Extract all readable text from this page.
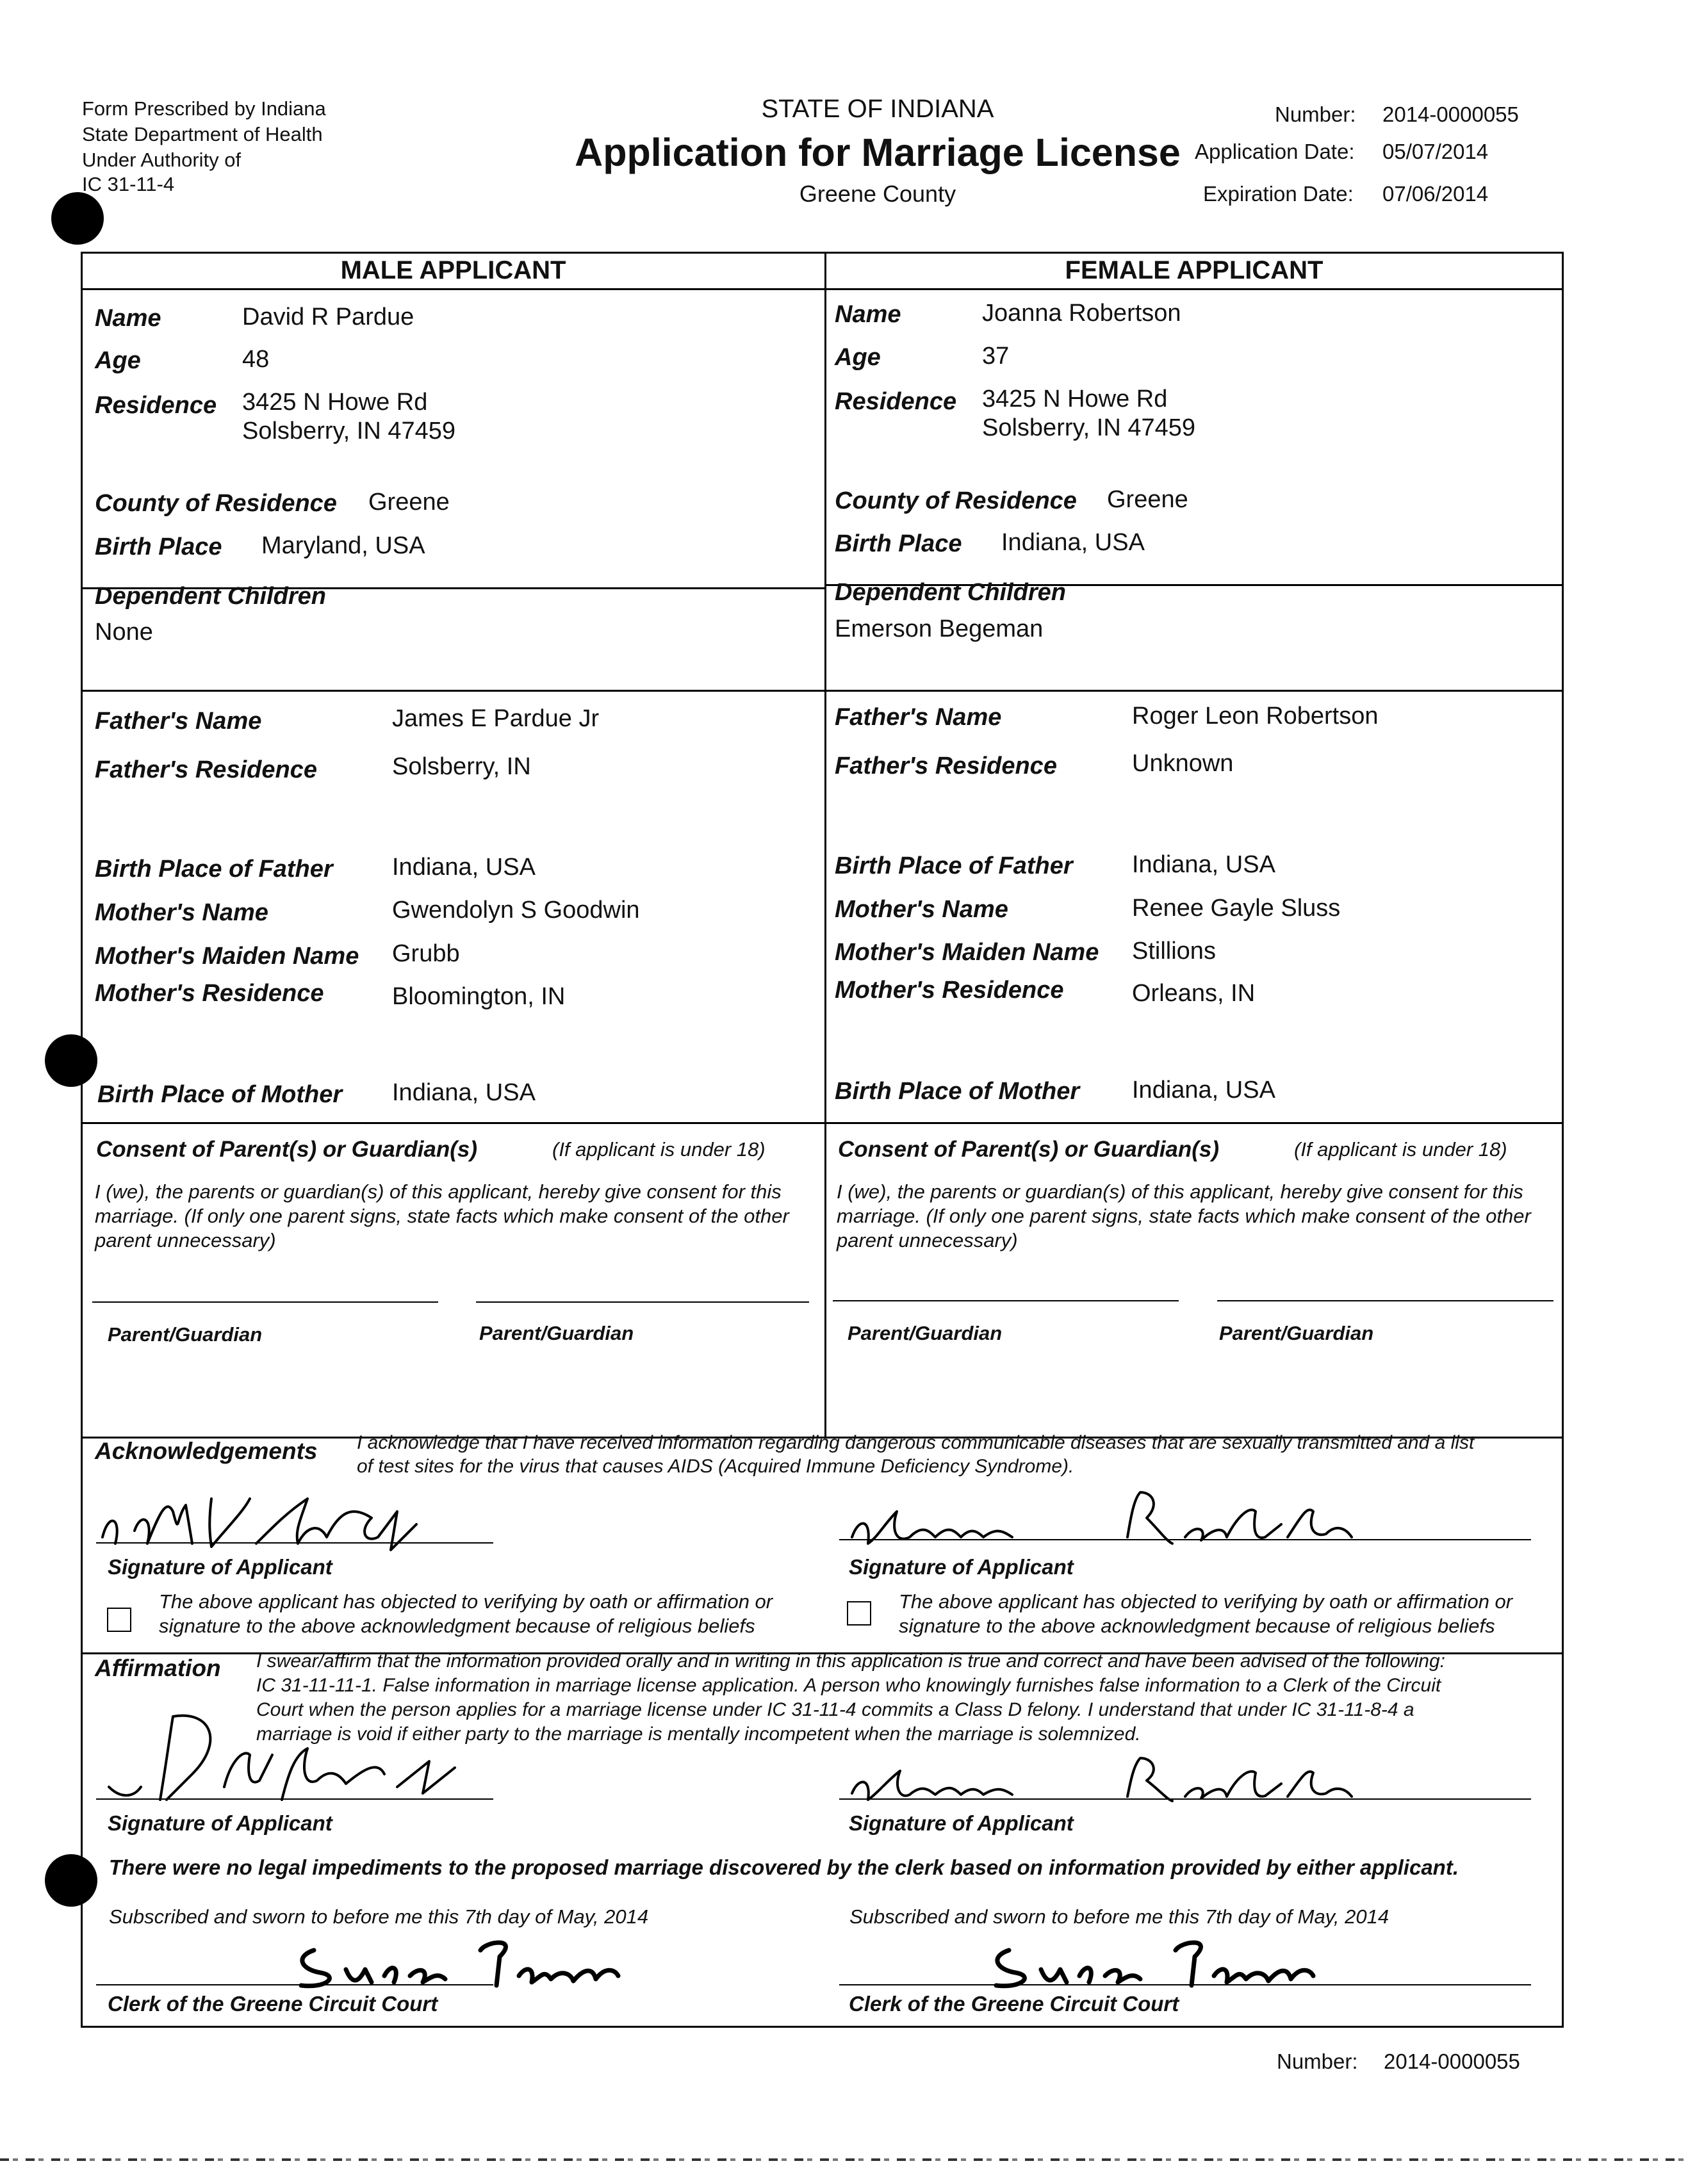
Form Prescribed by Indiana
State Department of Health
Under Authority of
IC 31-11-4
STATE OF INDIANA
Application for Marriage License
Greene County
Number: 2014-0000055
Application Date: 05/07/2014
Expiration Date: 07/06/2014
MALE APPLICANT	FEMALE APPLICANT
Name	David R Pardue
Age	48
Residence 3425 N Howe Rd
Solsberry, IN 47459
County of Residence Greene
Birth Place Maryland, USA
Dependent Children
None
Father's Name	James E Pardue Jr
Father's Residence	Solsberry, IN
Birth Place of Father Indiana, USA
Mother's Name	Gwendolyn S Goodwin
Mother's Maiden Name Grubb
Mother's Residence	Bloomington, IN
Birth Place of Mother Indiana, USA
Name	Joanna Robertson
Age	37
Residence 3425 N Howe Rd
Solsberry, IN 47459
County of Residence Greene
Birth Place Indiana, USA
Dependent Children
Emerson Begeman
Father's Name	Roger Leon Robertson
Father's Residence	Unknown
Birth Place of Father Indiana, USA
Mother's Name	Renee Gayle Sluss
Mother's Maiden Name Stillions
Mother's Residence	Orleans, IN
Birth Place of Mother Indiana, USA
Consent of Parent(s) or Guardian(s)	(If applicant is under 18)
I (we), the parents or guardian(s) of this applicant, hereby give consent for this marriage. (If only one parent signs, state facts which make consent of the other parent unnecessary)
Parent/Guardian	Parent/Guardian
Consent of Parent(s) or Guardian(s)	(If applicant is under 18)
I (we), the parents or guardian(s) of this applicant, hereby give consent for this marriage. (If only one parent signs, state facts which make consent of the other parent unnecessary)
Parent/Guardian	Parent/Guardian
Acknowledgements I acknowledge that I have received information regarding dangerous communicable diseases that are sexually transmitted and a list
of test sites for the virus that causes AIDS (Acquired Immune Deficiency Syndrome).
Signature of Applicant
The above applicant has objected to verifying by oath or affirmation or signature to the above acknowledgment because of religious beliefs
Signature of Applicant
The above applicant has objected to verifying by oath or affirmation or signature to the above acknowledgment because of religious beliefs
Affirmation I swear/affirm that the information provided orally and in writing in this application is true and correct and have been advised of the following:
IC 31-11-11-1. False information in marriage license application. A person who knowingly furnishes false information to a Clerk of the Circuit
Court when the person applies for a marriage license under IC 31-11-4 commits a Class D felony. I understand that under IC 31-11-8-4 a
marriage is void if either party to the marriage is mentally incompetent when the marriage is solemnized.
Signature of Applicant	Signature of Applicant
There were no legal impediments to the proposed marriage discovered by the clerk based on information provided by either applicant.
Subscribed and sworn to before me this 7th day of May, 2014
Clerk of the Greene Circuit Court
Subscribed and sworn to before me this 7th day of May, 2014
Clerk of the Greene Circuit Court
Number: 2014-0000055
